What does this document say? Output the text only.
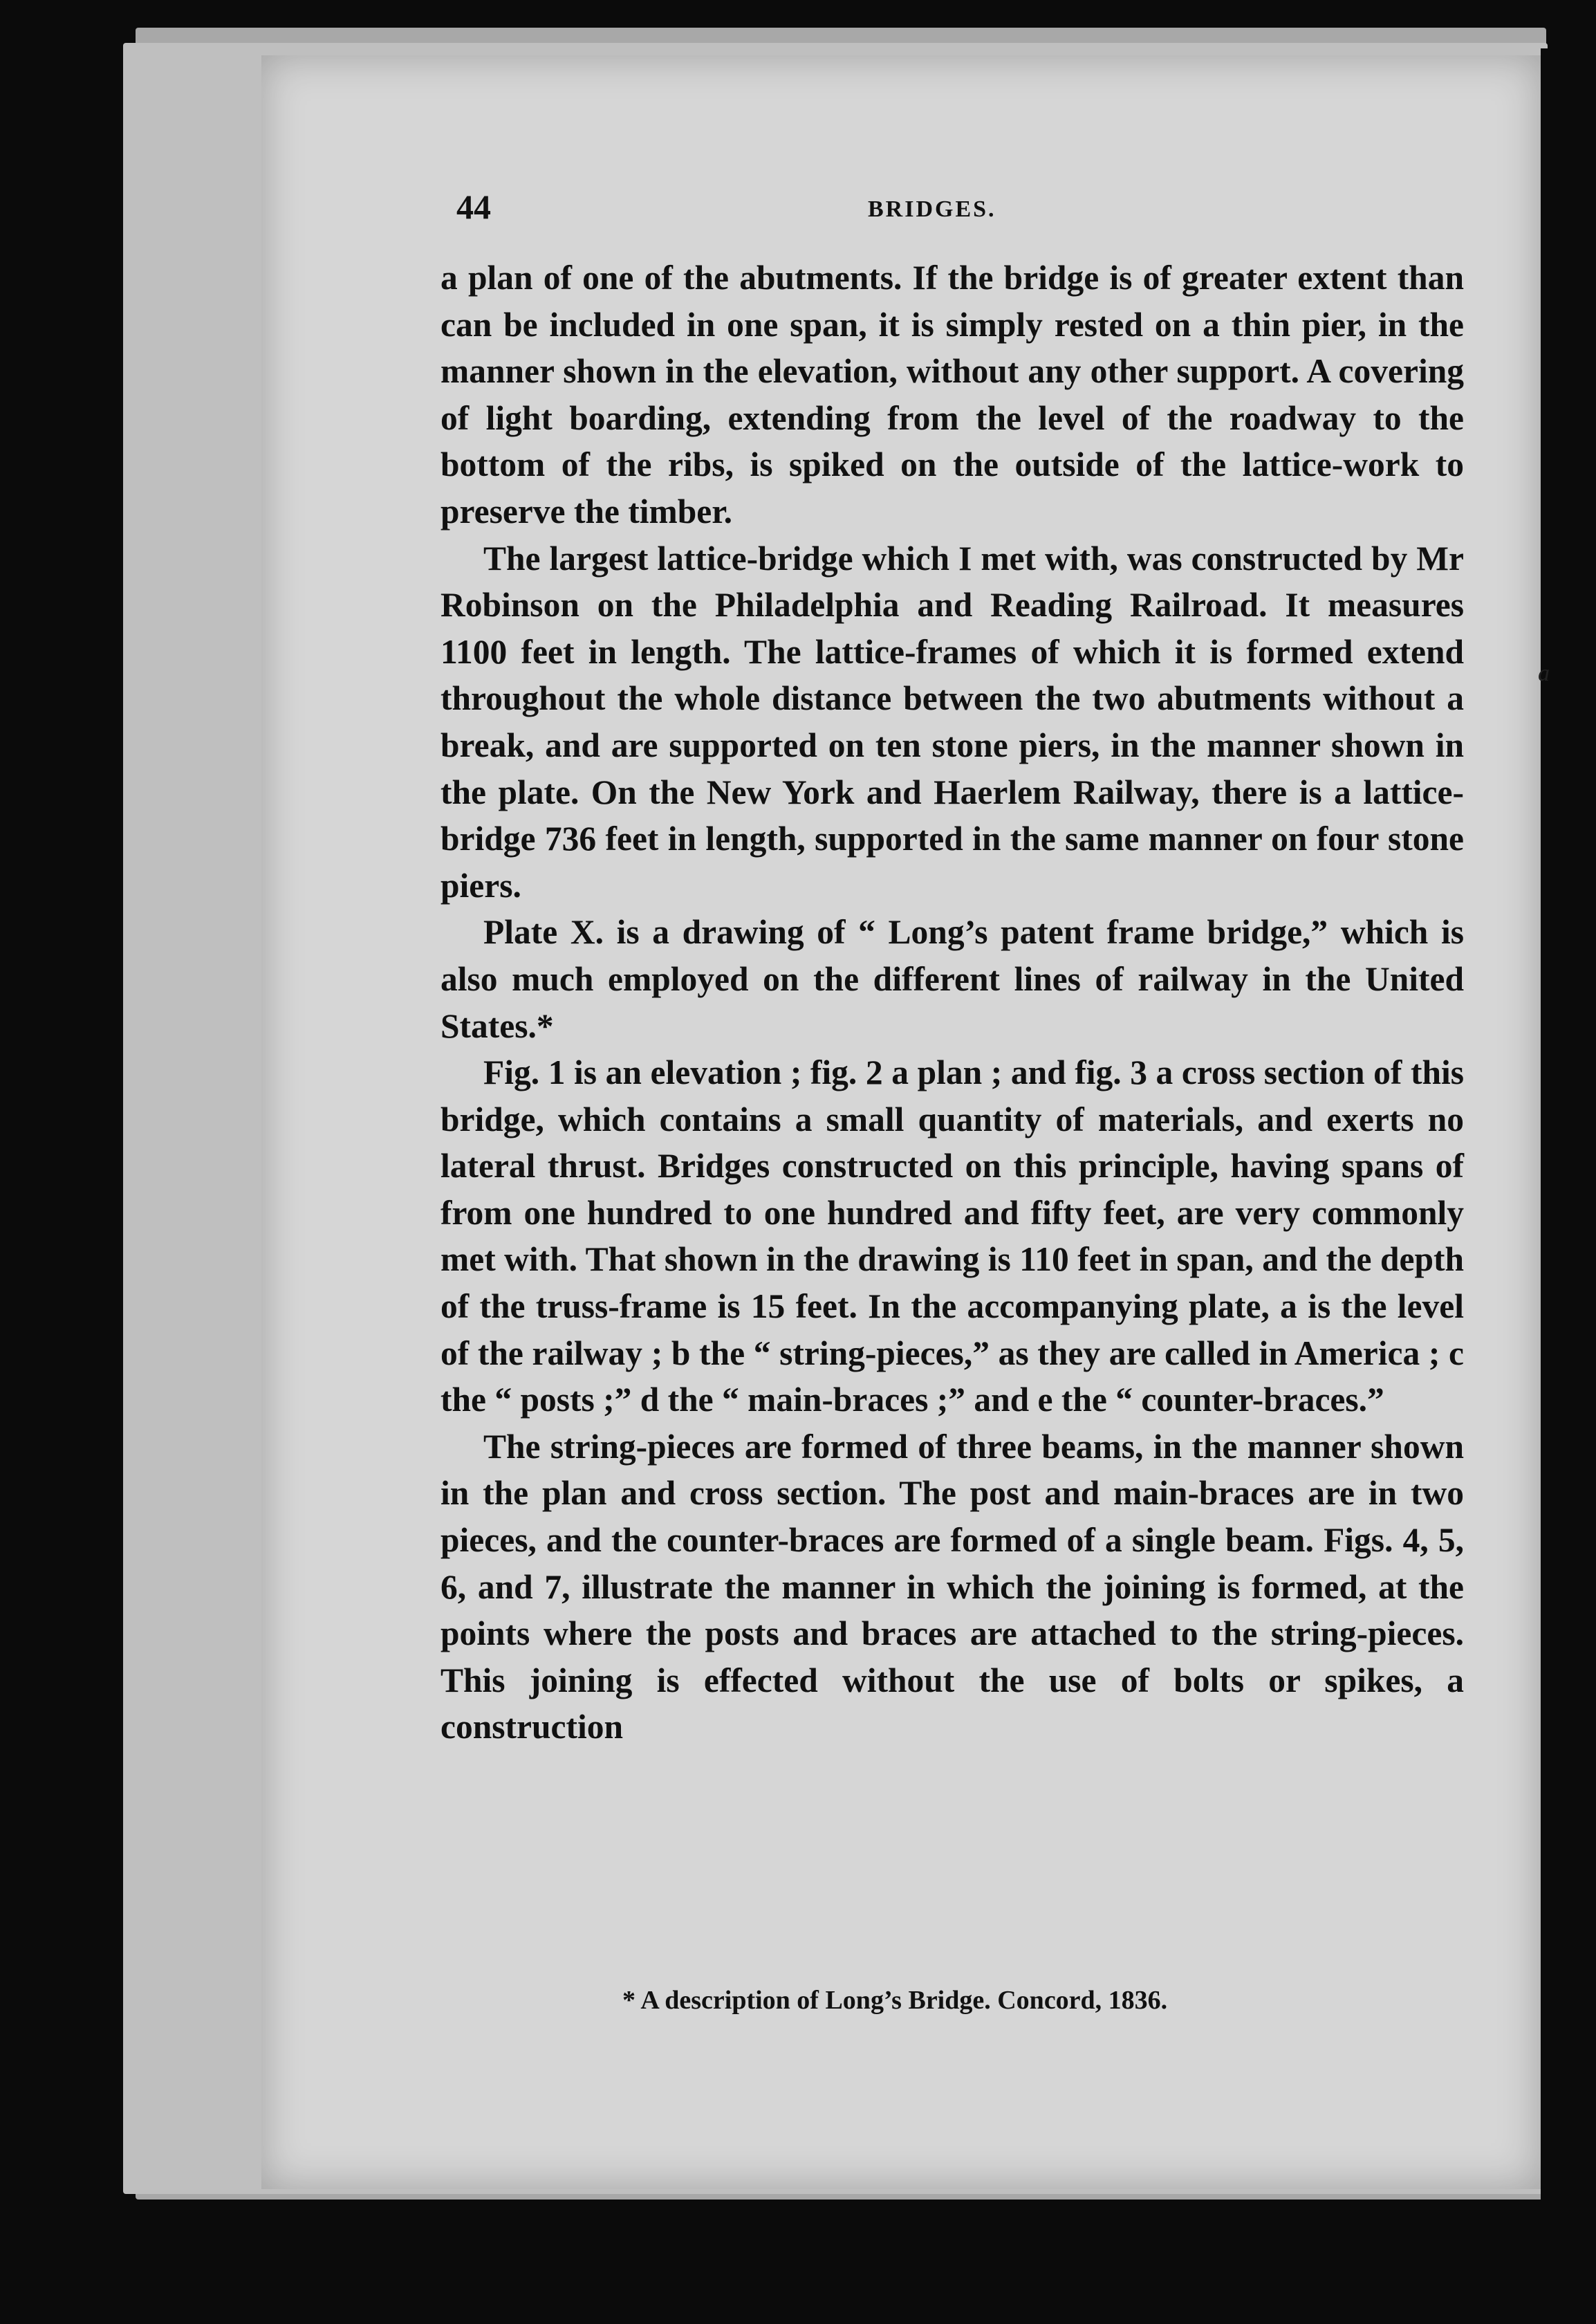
a
44	BRIDGES.

a plan of one of the abutments. If the bridge is of greater extent than can be included in one span, it is simply rested on a thin pier, in the manner shown in the elevation, without any other support. A covering of light boarding, extending from the level of the roadway to the bottom of the ribs, is spiked on the outside of the lattice-work to preserve the timber.

The largest lattice-bridge which I met with, was constructed by Mr Robinson on the Philadelphia and Reading Railroad. It measures 1100 feet in length. The lattice-frames of which it is formed extend throughout the whole distance between the two abutments without a break, and are supported on ten stone piers, in the manner shown in the plate. On the New York and Haerlem Railway, there is a lattice-bridge 736 feet in length, supported in the same manner on four stone piers.

Plate X. is a drawing of “ Long’s patent frame bridge,” which is also much employed on the different lines of railway in the United States.*

Fig. 1 is an elevation ; fig. 2 a plan ; and fig. 3 a cross section of this bridge, which contains a small quantity of materials, and exerts no lateral thrust. Bridges constructed on this principle, having spans of from one hundred to one hundred and fifty feet, are very commonly met with. That shown in the drawing is 110 feet in span, and the depth of the truss-frame is 15 feet. In the accompanying plate, a is the level of the railway ; b the “ string-pieces,” as they are called in America ; c the “ posts ;” d the “ main-braces ;” and e the “ counter-braces.”

The string-pieces are formed of three beams, in the manner shown in the plan and cross section. The post and main-braces are in two pieces, and the counter-braces are formed of a single beam. Figs. 4, 5, 6, and 7, illustrate the manner in which the joining is formed, at the points where the posts and braces are attached to the string-pieces. This joining is effected without the use of bolts or spikes, a construction

* A description of Long’s Bridge. Concord, 1836.
